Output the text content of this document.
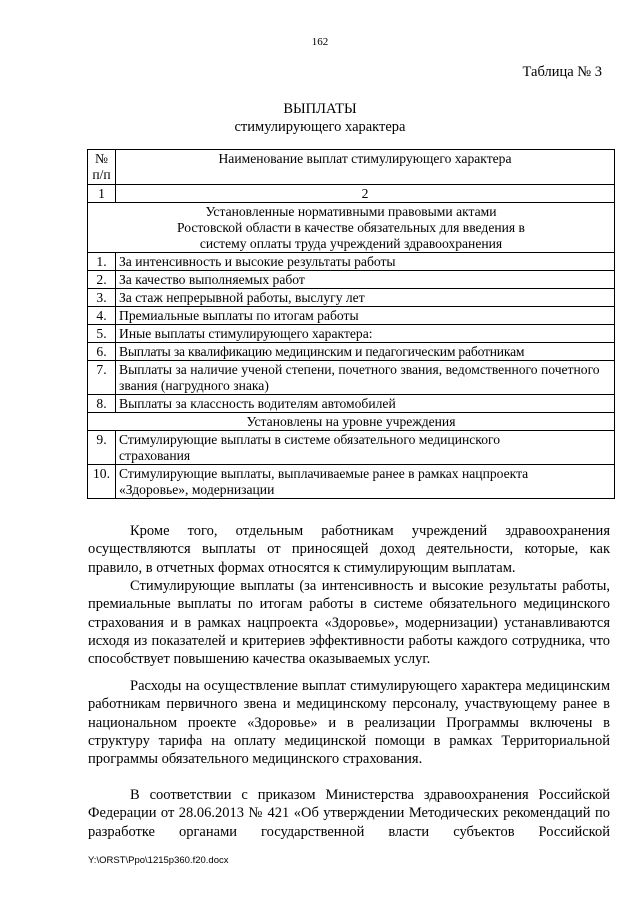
162
Таблица № 3
ВЫПЛАТЫ
стимулирующего характера
№ п/п	Наименование выплат стимулирующего характера
1	2
Установленные нормативными правовыми актами Ростовской области в качестве обязательных для введения в систему оплаты труда учреждений здравоохранения	
1.	За интенсивность и высокие результаты работы
2.	За качество выполняемых работ
3.	За стаж непрерывной работы, выслугу лет
4.	Премиальные выплаты по итогам работы
5.	Иные выплаты стимулирующего характера:
6.	Выплаты за квалификацию медицинским и педагогическим работникам
7.	Выплаты за наличие ученой степени, почетного звания, ведомственного почетного звания (нагрудного знака)
8.	Выплаты за классность водителям автомобилей
Установлены на уровне учреждения	
9.	Стимулирующие выплаты в системе обязательного медицинского страхования
10.	Стимулирующие выплаты, выплачиваемые ранее в рамках нацпроекта «Здоровье», модернизации

Кроме того, отдельным работникам учреждений здравоохранения осуществляются выплаты от приносящей доход деятельности, которые, как правило, в отчетных формах относятся к стимулирующим выплатам.

Стимулирующие выплаты (за интенсивность и высокие результаты работы, премиальные выплаты по итогам работы в системе обязательного медицинского страхования и в рамках нацпроекта «Здоровье», модернизации) устанавливаются исходя из показателей и критериев эффективности работы каждого сотрудника, что способствует повышению качества оказываемых услуг.

Расходы на осуществление выплат стимулирующего характера медицинским работникам первичного звена и медицинскому персоналу, участвующему ранее в национальном проекте «Здоровье» и в реализации Программы включены в структуру тарифа на оплату медицинской помощи в рамках Территориальной программы обязательного медицинского страхования.

В соответствии с приказом Министерства здравоохранения Российской Федерации от 28.06.2013 № 421 «Об утверждении Методических рекомендаций по разработке органами государственной власти субъектов Российской

Y:\ORST\Ppo\1215p360.f20.docx
